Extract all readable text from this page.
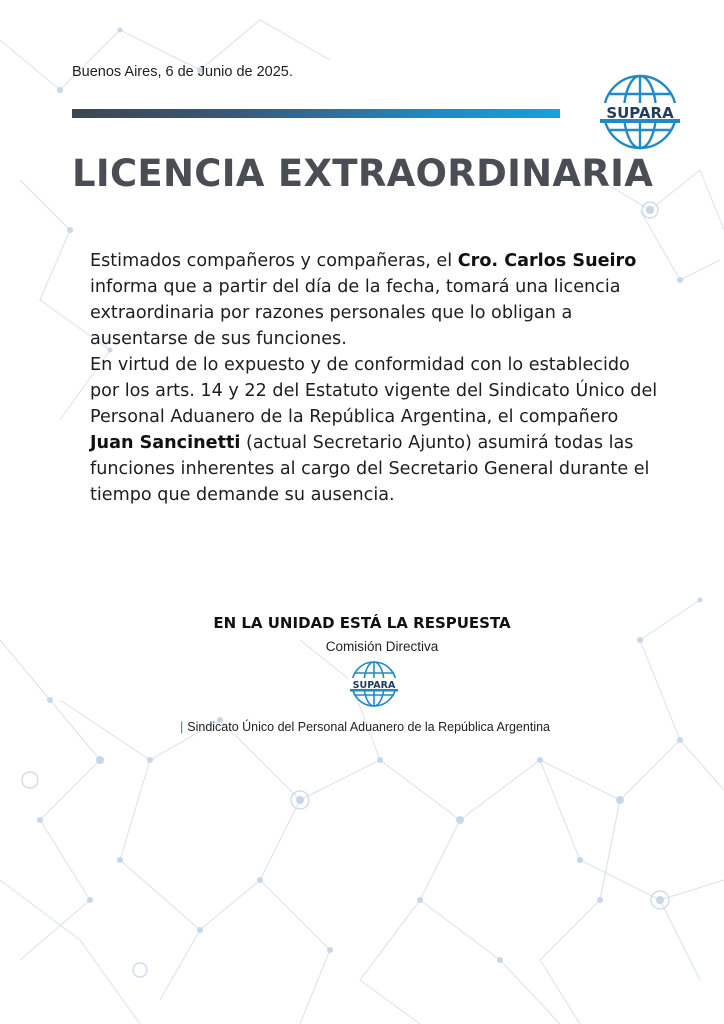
Buenos Aires, 6 de Junio de 2025.
SUPARA
LICENCIA EXTRAORDINARIA

Estimados compañeros y compañeras, el Cro. Carlos Sueiro informa que a partir del día de la fecha, tomará una licencia extraordinaria por razones personales que lo obligan a ausentarse de sus funciones.

En virtud de lo expuesto y de conformidad con lo establecido por los arts. 14 y 22 del Estatuto vigente del Sindicato Único del Personal Aduanero de la República Argentina, el compañero Juan Sancinetti (actual Secretario Ajunto) asumirá todas las funciones inherentes al cargo del Secretario General durante el tiempo que demande su ausencia.

EN LA UNIDAD ESTÁ LA RESPUESTA
Comisión Directiva
SUPARA
| Sindicato Único del Personal Aduanero de la República Argentina
